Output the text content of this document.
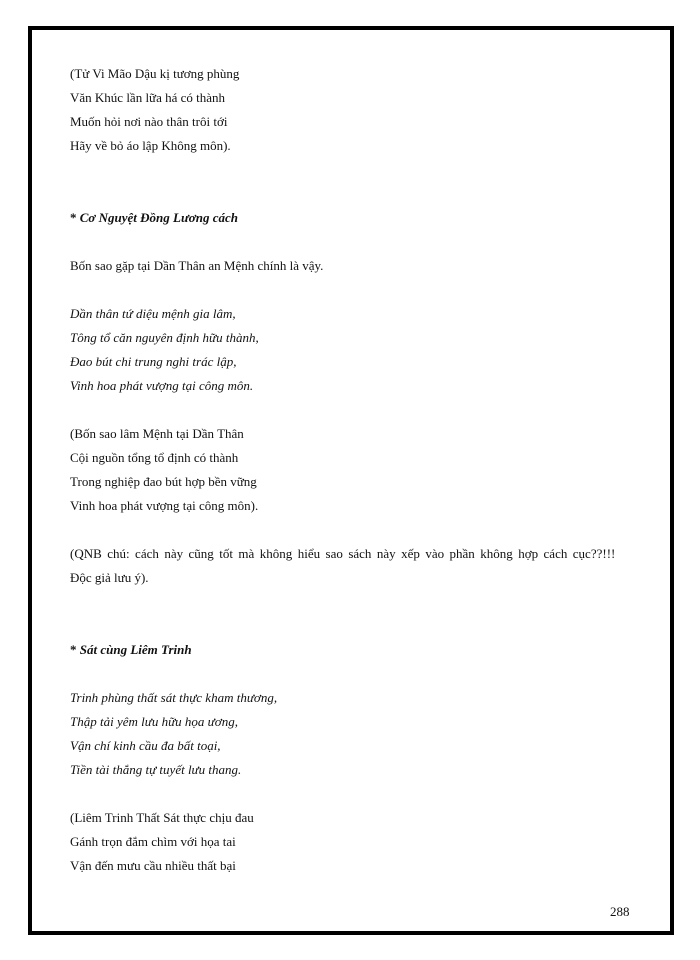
(Tử Vi Mão Dậu kị tương phùng
Văn Khúc lần lữa há có thành
Muốn hỏi nơi nào thân trôi tới
Hãy về bỏ áo lập Không môn).
* Cơ Nguyệt Đồng Lương cách
Bốn sao gặp tại Dần Thân an Mệnh chính là vậy.
Dần thân tứ diệu mệnh gia lâm,
Tông tổ căn nguyên định hữu thành,
Đao bút chi trung nghi trác lập,
Vinh hoa phát vượng tại công môn.
(Bốn sao lâm Mệnh tại Dần Thân
Cội nguồn tổng tổ định có thành
Trong nghiệp đao bút hợp bền vững
Vinh hoa phát vượng tại công môn).
(QNB chú: cách này cũng tốt mà không hiểu sao sách này xếp vào phần không hợp cách cục??!!!
Độc giả lưu ý).
* Sát cùng Liêm Trinh
Trinh phùng thất sát thực kham thương,
Thập tải yêm lưu hữu họa ương,
Vận chí kinh cầu đa bất toại,
Tiền tài thắng tự tuyết lưu thang.
(Liêm Trinh Thất Sát thực chịu đau
Gánh trọn đắm chìm với họa tai
Vận đến mưu cầu nhiều thất bại
288
